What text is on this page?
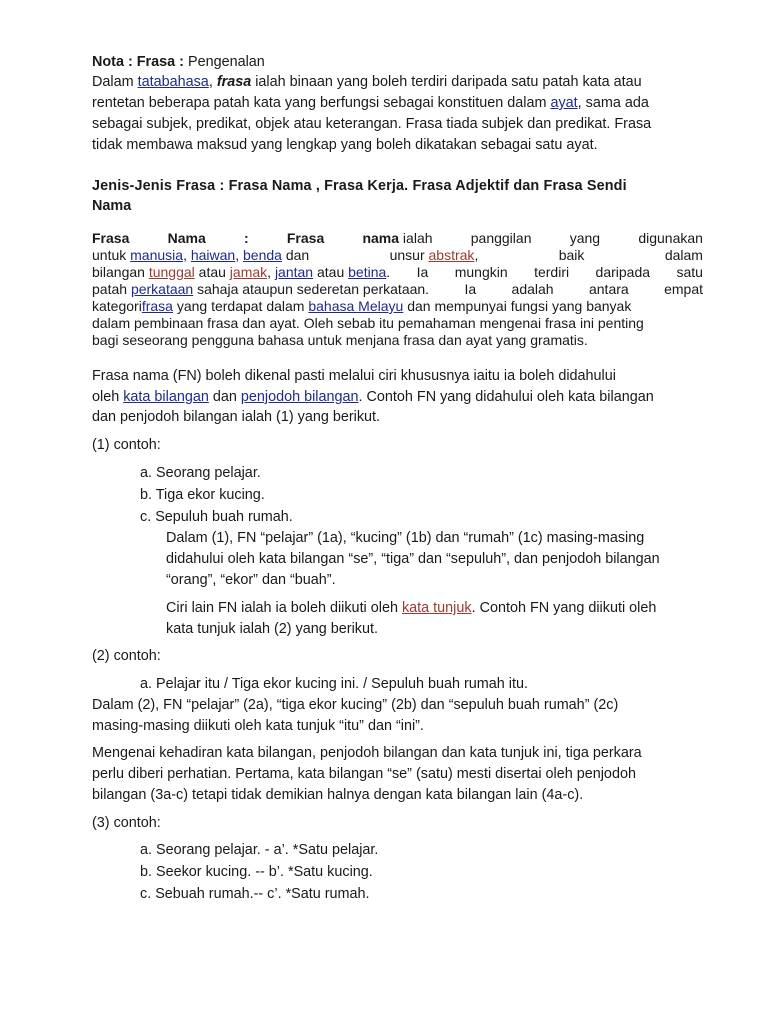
Nota : Frasa : Pengenalan
Dalam tatabahasa, frasa ialah binaan yang boleh terdiri daripada satu patah kata atau
rentetan beberapa patah kata yang berfungsi sebagai konstituen dalam ayat, sama ada
sebagai subjek, predikat, objek atau keterangan. Frasa tiada subjek dan predikat. Frasa
tidak membawa maksud yang lengkap yang boleh dikatakan sebagai satu ayat.
Jenis-Jenis Frasa : Frasa Nama , Frasa Kerja. Frasa Adjektif dan Frasa Sendi
Nama
Frasa	Nama	:	Frasa	nama ialah	panggilan	yang	digunakan
untuk manusia, haiwan, benda dan	unsur abstrak,	baik	dalam
bilangan tunggal atau jamak, jantan atau betina. Ia mungkin terdiri daripada satu
patah perkataan sahaja ataupun sederetan perkataan.	Ia	adalah	antara	empat
kategori frasa yang terdapat dalam bahasa Melayu dan mempunyai fungsi yang banyak
dalam pembinaan frasa dan ayat. Oleh sebab itu pemahaman mengenai frasa ini penting
bagi seseorang pengguna bahasa untuk menjana frasa dan ayat yang gramatis.
Frasa nama (FN) boleh dikenal pasti melalui ciri khususnya iaitu ia boleh didahului
oleh kata bilangan dan penjodoh bilangan. Contoh FN yang didahului oleh kata bilangan
dan penjodoh bilangan ialah (1) yang berikut.
(1) contoh:
a. Seorang pelajar.
b. Tiga ekor kucing.
c. Sepuluh buah rumah.
Dalam (1), FN “pelajar” (1a), “kucing” (1b) dan “rumah” (1c) masing-masing
didahului oleh kata bilangan “se”, “tiga” dan “sepuluh”, dan penjodoh bilangan
“orang”, “ekor” dan “buah”.
Ciri lain FN ialah ia boleh diikuti oleh kata tunjuk. Contoh FN yang diikuti oleh
kata tunjuk ialah (2) yang berikut.
(2) contoh:
a. Pelajar itu / Tiga ekor kucing ini. / Sepuluh buah rumah itu.
Dalam (2), FN “pelajar” (2a), “tiga ekor kucing” (2b) dan “sepuluh buah rumah” (2c)
masing-masing diikuti oleh kata tunjuk “itu” dan “ini”.
Mengenai kehadiran kata bilangan, penjodoh bilangan dan kata tunjuk ini, tiga perkara
perlu diberi perhatian. Pertama, kata bilangan “se” (satu) mesti disertai oleh penjodoh
bilangan (3a-c) tetapi tidak demikian halnya dengan kata bilangan lain (4a-c).
(3) contoh:
a. Seorang pelajar. - a’. *Satu pelajar.
b. Seekor kucing. -- b’. *Satu kucing.
c. Sebuah rumah.-- c’. *Satu rumah.
